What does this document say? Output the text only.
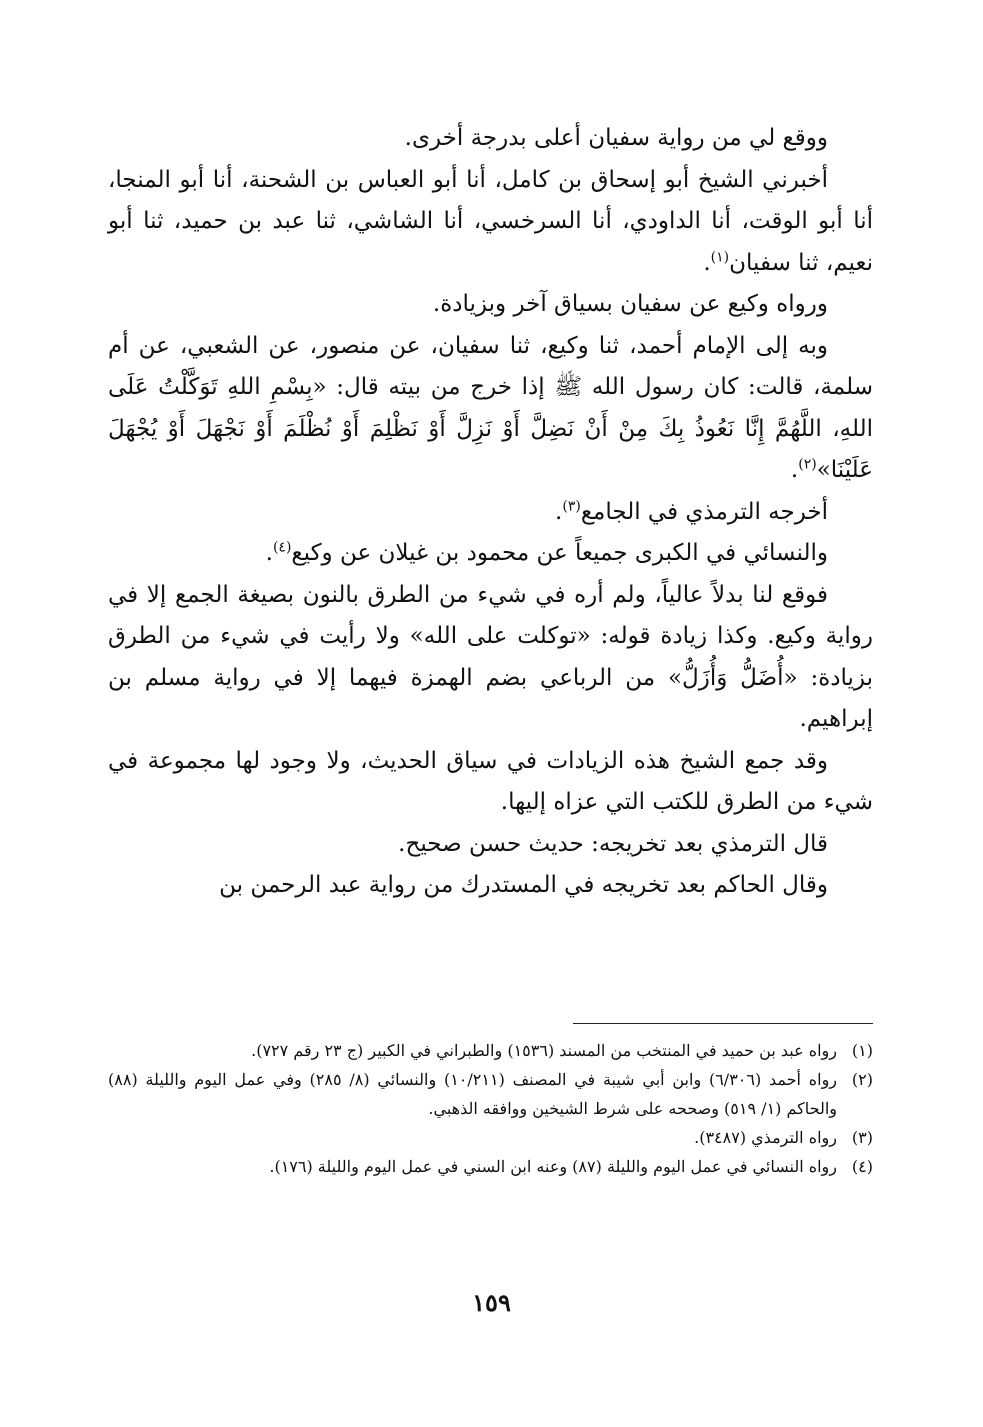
ووقع لي من رواية سفيان أعلى بدرجة أخرى.

أخبرني الشيخ أبو إسحاق بن كامل، أنا أبو العباس بن الشحنة، أنا أبو المنجا، أنا أبو الوقت، أنا الداودي، أنا السرخسي، أنا الشاشي، ثنا عبد بن حميد، ثنا أبو نعيم، ثنا سفيان$^{(١)}$.

ورواه وكيع عن سفيان بسياق آخر وبزيادة.

وبه إلى الإمام أحمد، ثنا وكيع، ثنا سفيان، عن منصور، عن الشعبي، عن أم سلمة، قالت: كان رسول الله ﷺ إذا خرج من بيته قال: «بِسْمِ اللهِ تَوَكَّلْتُ عَلَى اللهِ، اللَّهُمَّ إِنَّا نَعُوذُ بِكَ مِنْ أَنْ نَضِلَّ أَوْ نَزِلَّ أَوْ نَظْلِمَ أَوْ نُظْلَمَ أَوْ نَجْهَلَ أَوْ يُجْهَلَ عَلَيْنَا»$^{(٢)}$.

أخرجه الترمذي في الجامع$^{(٣)}$.

والنسائي في الكبرى جميعاً عن محمود بن غيلان عن وكيع$^{(٤)}$.

فوقع لنا بدلاً عالياً، ولم أره في شيء من الطرق بالنون بصيغة الجمع إلا في رواية وكيع. وكذا زيادة قوله: «توكلت على الله» ولا رأيت في شيء من الطرق بزيادة: «أُضَلُّ وَأُزَلُّ» من الرباعي بضم الهمزة فيهما إلا في رواية مسلم بن إبراهيم.

وقد جمع الشيخ هذه الزيادات في سياق الحديث، ولا وجود لها مجموعة في شيء من الطرق للكتب التي عزاه إليها.

قال الترمذي بعد تخريجه: حديث حسن صحيح.

وقال الحاكم بعد تخريجه في المستدرك من رواية عبد الرحمن بن

(١)
رواه عبد بن حميد في المنتخب من المسند (١٥٣٦) والطبراني في الكبير (ج ٢٣ رقم ٧٢٧).
(٢)
رواه أحمد (٦/٣٠٦) وابن أبي شيبة في المصنف (١٠/٢١١) والنسائي (٨/ ٢٨٥) وفي عمل اليوم والليلة (٨٨) والحاكم (١/ ٥١٩) وصححه على شرط الشيخين ووافقه الذهبي.
(٣)
رواه الترمذي (٣٤٨٧).
(٤)
رواه النسائي في عمل اليوم والليلة (٨٧) وعنه ابن السني في عمل اليوم والليلة (١٧٦).
١٥٩
